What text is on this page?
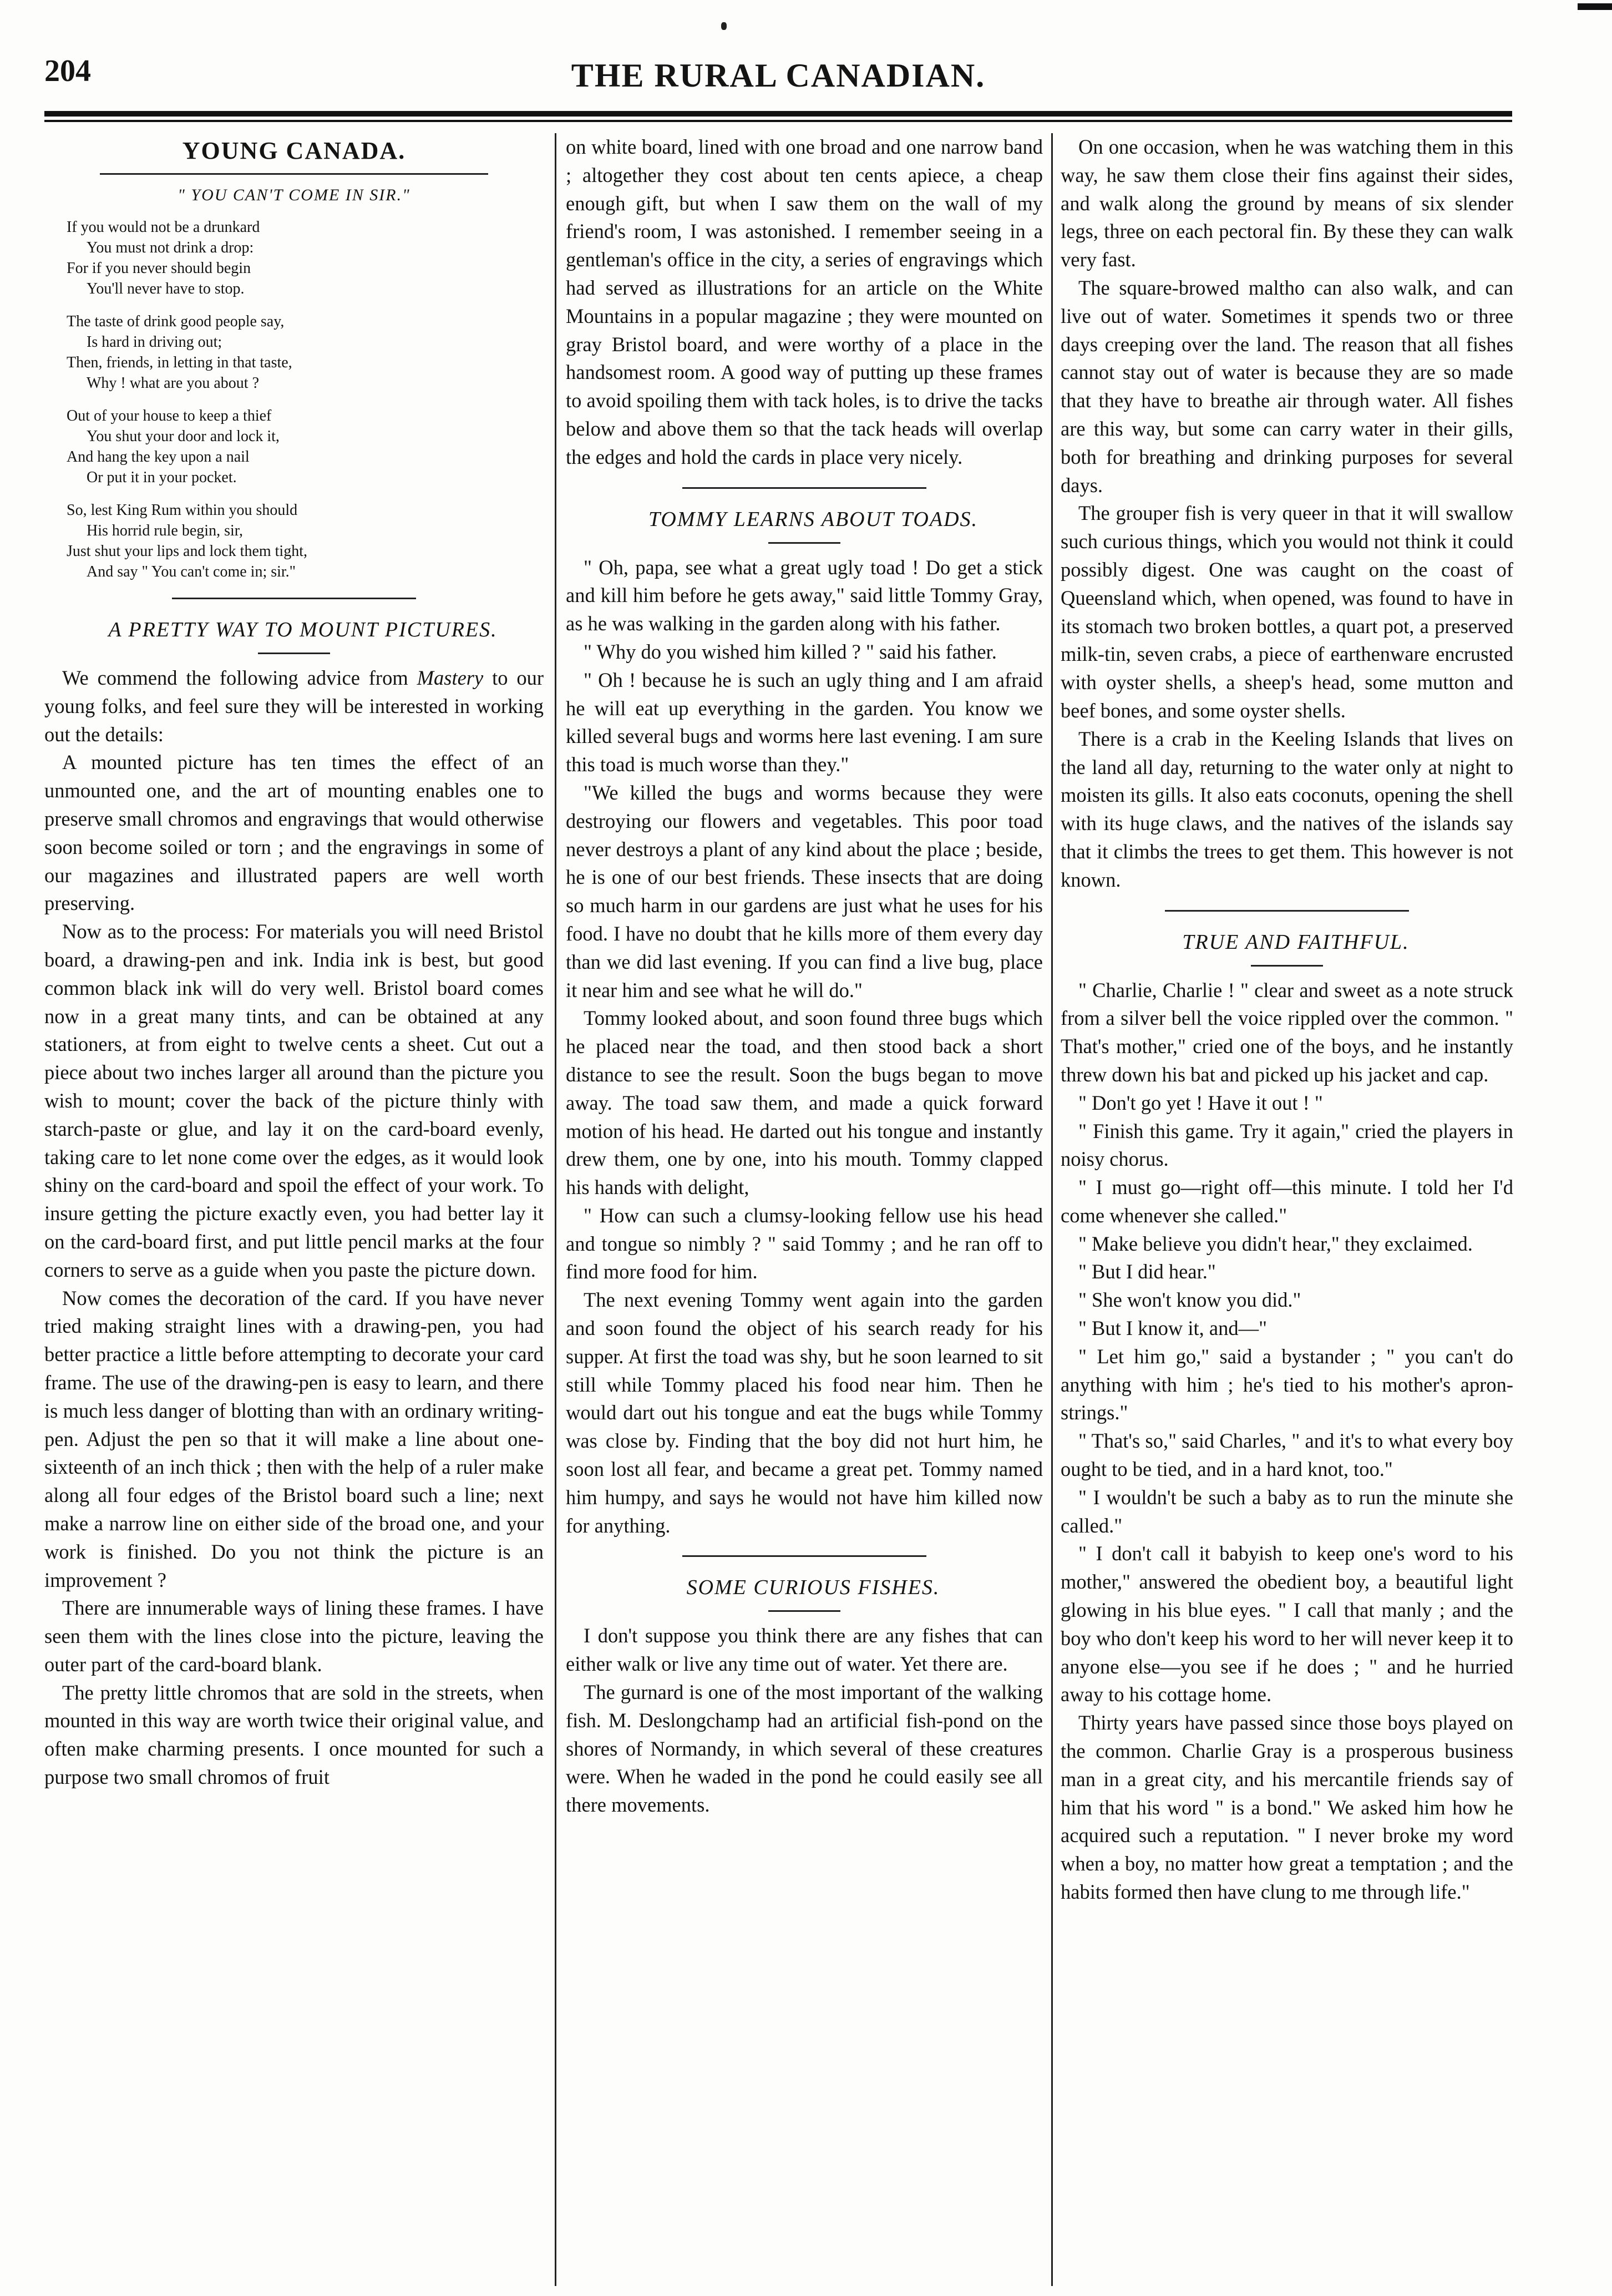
204	THE RURAL CANADIAN.
YOUNG CANADA.
" YOU CAN'T COME IN SIR."
If you would not be a drunkard
You must not drink a drop:
For if you never should begin
You'll never have to stop.
The taste of drink good people say,
Is hard in driving out;
Then, friends, in letting in that taste,
Why ! what are you about ?
Out of your house to keep a thief
You shut your door and lock it,
And hang the key upon a nail
Or put it in your pocket.
So, lest King Rum within you should
His horrid rule begin, sir,
Just shut your lips and lock them tight,
And say " You can't come in; sir."

A PRETTY WAY TO MOUNT PICTURES.

We commend the following advice from Mastery to our young folks, and feel sure they will be interested in working out the details:

A mounted picture has ten times the effect of an unmounted one, and the art of mounting enables one to preserve small chromos and engravings that would otherwise soon become soiled or torn ; and the engravings in some of our magazines and illustrated papers are well worth preserving.

Now as to the process: For materials you will need Bristol board, a drawing-pen and ink. India ink is best, but good common black ink will do very well. Bristol board comes now in a great many tints, and can be obtained at any stationers, at from eight to twelve cents a sheet. Cut out a piece about two inches larger all around than the picture you wish to mount; cover the back of the picture thinly with starch-paste or glue, and lay it on the card-board evenly, taking care to let none come over the edges, as it would look shiny on the card-board and spoil the effect of your work. To insure getting the picture exactly even, you had better lay it on the card-board first, and put little pencil marks at the four corners to serve as a guide when you paste the picture down.

Now comes the decoration of the card. If you have never tried making straight lines with a drawing-pen, you had better practice a little before attempting to decorate your card frame. The use of the drawing-pen is easy to learn, and there is much less danger of blotting than with an ordinary writing-pen. Adjust the pen so that it will make a line about one-sixteenth of an inch thick ; then with the help of a ruler make along all four edges of the Bristol board such a line; next make a narrow line on either side of the broad one, and your work is finished. Do you not think the picture is an improvement ?

There are innumerable ways of lining these frames. I have seen them with the lines close into the picture, leaving the outer part of the card-board blank.

The pretty little chromos that are sold in the streets, when mounted in this way are worth twice their original value, and often make charming presents. I once mounted for such a purpose two small chromos of fruit

on white board, lined with one broad and one narrow band ; altogether they cost about ten cents apiece, a cheap enough gift, but when I saw them on the wall of my friend's room, I was astonished. I remember seeing in a gentleman's office in the city, a series of engravings which had served as illustrations for an article on the White Mountains in a popular magazine ; they were mounted on gray Bristol board, and were worthy of a place in the handsomest room. A good way of putting up these frames to avoid spoiling them with tack holes, is to drive the tacks below and above them so that the tack heads will overlap the edges and hold the cards in place very nicely.

TOMMY LEARNS ABOUT TOADS.

" Oh, papa, see what a great ugly toad ! Do get a stick and kill him before he gets away," said little Tommy Gray, as he was walking in the garden along with his father.

" Why do you wished him killed ? " said his father.

" Oh ! because he is such an ugly thing and I am afraid he will eat up everything in the garden. You know we killed several bugs and worms here last evening. I am sure this toad is much worse than they."

"We killed the bugs and worms because they were destroying our flowers and vegetables. This poor toad never destroys a plant of any kind about the place ; beside, he is one of our best friends. These insects that are doing so much harm in our gardens are just what he uses for his food. I have no doubt that he kills more of them every day than we did last evening. If you can find a live bug, place it near him and see what he will do."

Tommy looked about, and soon found three bugs which he placed near the toad, and then stood back a short distance to see the result. Soon the bugs began to move away. The toad saw them, and made a quick forward motion of his head. He darted out his tongue and instantly drew them, one by one, into his mouth. Tommy clapped his hands with delight,

" How can such a clumsy-looking fellow use his head and tongue so nimbly ? " said Tommy ; and he ran off to find more food for him.

The next evening Tommy went again into the garden and soon found the object of his search ready for his supper. At first the toad was shy, but he soon learned to sit still while Tommy placed his food near him. Then he would dart out his tongue and eat the bugs while Tommy was close by. Finding that the boy did not hurt him, he soon lost all fear, and became a great pet. Tommy named him humpy, and says he would not have him killed now for anything.

SOME CURIOUS FISHES.

I don't suppose you think there are any fishes that can either walk or live any time out of water. Yet there are.

The gurnard is one of the most important of the walking fish. M. Deslongchamp had an artificial fish-pond on the shores of Normandy, in which several of these creatures were. When he waded in the pond he could easily see all there movements.

On one occasion, when he was watching them in this way, he saw them close their fins against their sides, and walk along the ground by means of six slender legs, three on each pectoral fin. By these they can walk very fast.

The square-browed maltho can also walk, and can live out of water. Sometimes it spends two or three days creeping over the land. The reason that all fishes cannot stay out of water is because they are so made that they have to breathe air through water. All fishes are this way, but some can carry water in their gills, both for breathing and drinking purposes for several days.

The grouper fish is very queer in that it will swallow such curious things, which you would not think it could possibly digest. One was caught on the coast of Queensland which, when opened, was found to have in its stomach two broken bottles, a quart pot, a preserved milk-tin, seven crabs, a piece of earthenware encrusted with oyster shells, a sheep's head, some mutton and beef bones, and some oyster shells.

There is a crab in the Keeling Islands that lives on the land all day, returning to the water only at night to moisten its gills. It also eats coconuts, opening the shell with its huge claws, and the natives of the islands say that it climbs the trees to get them. This however is not known.

TRUE AND FAITHFUL.

" Charlie, Charlie ! " clear and sweet as a note struck from a silver bell the voice rippled over the common. " That's mother," cried one of the boys, and he instantly threw down his bat and picked up his jacket and cap.

" Don't go yet ! Have it out ! "

" Finish this game. Try it again," cried the players in noisy chorus.

" I must go—right off—this minute. I told her I'd come whenever she called."

" Make believe you didn't hear," they exclaimed.

" But I did hear."

" She won't know you did."

" But I know it, and—"

" Let him go," said a bystander ; " you can't do anything with him ; he's tied to his mother's apron-strings."

" That's so," said Charles, " and it's to what every boy ought to be tied, and in a hard knot, too."

" I wouldn't be such a baby as to run the minute she called."

" I don't call it babyish to keep one's word to his mother," answered the obedient boy, a beautiful light glowing in his blue eyes. " I call that manly ; and the boy who don't keep his word to her will never keep it to anyone else—you see if he does ; " and he hurried away to his cottage home.

Thirty years have passed since those boys played on the common. Charlie Gray is a prosperous business man in a great city, and his mercantile friends say of him that his word " is a bond." We asked him how he acquired such a reputation. " I never broke my word when a boy, no matter how great a temptation ; and the habits formed then have clung to me through life."
